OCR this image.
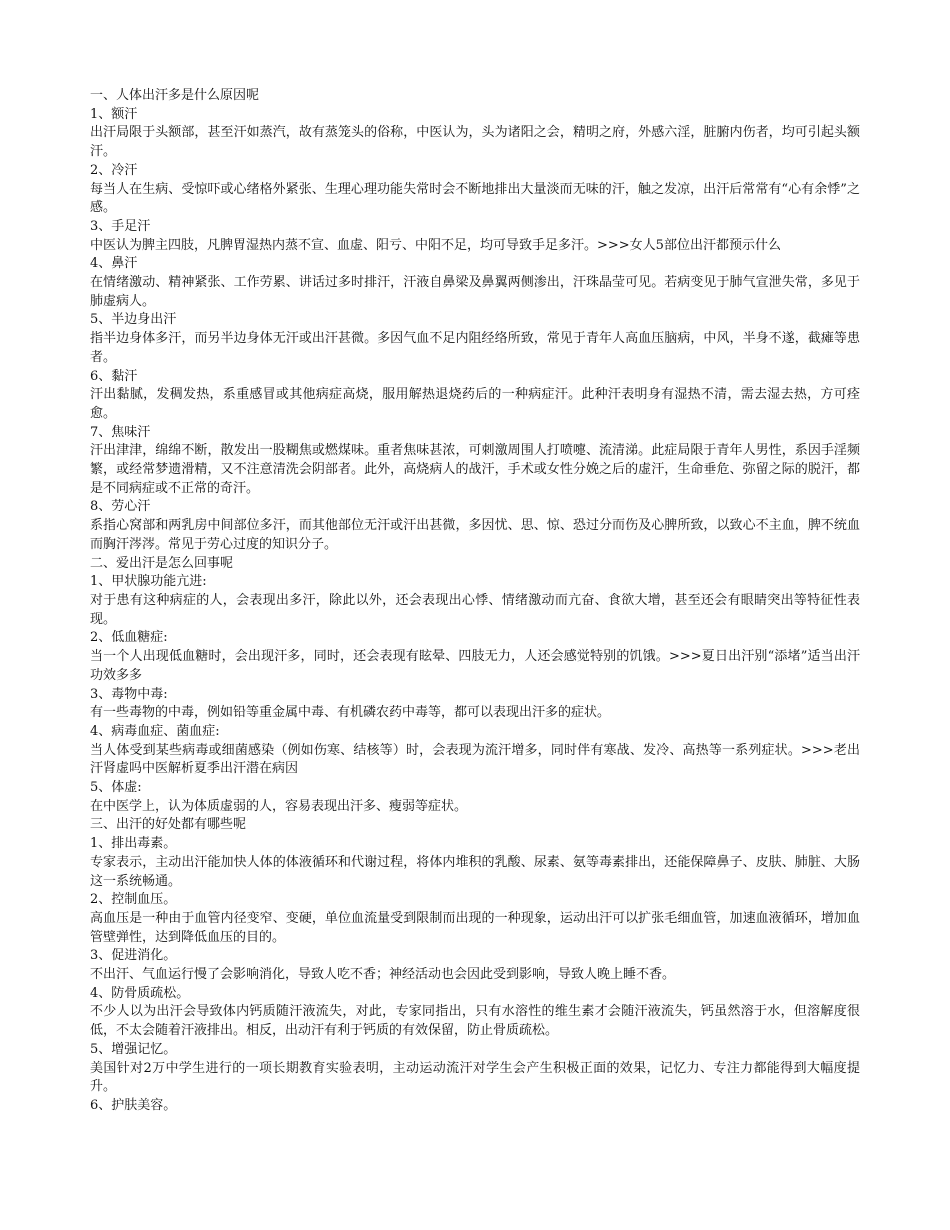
一、人体出汗多是什么原因呢

1、额汗

出汗局限于头额部，甚至汗如蒸汽，故有蒸笼头的俗称，中医认为，头为诸阳之会，精明之府，外感六淫，脏腑内伤者，均可引起头额汗。

2、冷汗

每当人在生病、受惊吓或心绪格外紧张、生理心理功能失常时会不断地排出大量淡而无味的汗，触之发凉，出汗后常常有“心有余悸”之感。

3、手足汗

中医认为脾主四肢，凡脾胃湿热内蒸不宣、血虚、阳亏、中阳不足，均可导致手足多汗。>>>女人5部位出汗都预示什么

4、鼻汗

在情绪激动、精神紧张、工作劳累、讲话过多时排汗，汗液自鼻梁及鼻翼两侧渗出，汗珠晶莹可见。若病变见于肺气宣泄失常，多见于肺虚病人。

5、半边身出汗

指半边身体多汗，而另半边身体无汗或出汗甚微。多因气血不足内阻经络所致，常见于青年人高血压脑病，中风，半身不遂，截瘫等患者。

6、黏汗

汗出黏腻，发稠发热，系重感冒或其他病症高烧，服用解热退烧药后的一种病症汗。此种汗表明身有湿热不清，需去湿去热，方可痊愈。

7、焦味汗

汗出津津，绵绵不断，散发出一股糊焦或燃煤味。重者焦味甚浓，可刺激周围人打喷嚏、流清涕。此症局限于青年人男性，系因手淫频繁，或经常梦遗滑精，又不注意清洗会阴部者。此外，高烧病人的战汗，手术或女性分娩之后的虚汗，生命垂危、弥留之际的脱汗，都是不同病症或不正常的奇汗。

8、劳心汗

系指心窝部和两乳房中间部位多汗，而其他部位无汗或汗出甚微，多因忧、思、惊、恐过分而伤及心脾所致，以致心不主血，脾不统血而胸汗涔涔。常见于劳心过度的知识分子。

二、爱出汗是怎么回事呢

1、甲状腺功能亢进:

对于患有这种病症的人，会表现出多汗，除此以外，还会表现出心悸、情绪激动而亢奋、食欲大增，甚至还会有眼睛突出等特征性表现。

2、低血糖症:

当一个人出现低血糖时，会出现汗多，同时，还会表现有眩晕、四肢无力，人还会感觉特别的饥饿。>>>夏日出汗别“添堵”适当出汗功效多多

3、毒物中毒:

有一些毒物的中毒，例如铅等重金属中毒、有机磷农药中毒等，都可以表现出汗多的症状。

4、病毒血症、菌血症:

当人体受到某些病毒或细菌感染（例如伤寒、结核等）时，会表现为流汗增多，同时伴有寒战、发冷、高热等一系列症状。>>>老出汗肾虚吗中医解析夏季出汗潜在病因

5、体虚:

在中医学上，认为体质虚弱的人，容易表现出汗多、瘦弱等症状。

三、出汗的好处都有哪些呢

1、排出毒素。

专家表示，主动出汗能加快人体的体液循环和代谢过程，将体内堆积的乳酸、尿素、氨等毒素排出，还能保障鼻子、皮肤、肺脏、大肠这一系统畅通。

2、控制血压。

高血压是一种由于血管内径变窄、变硬，单位血流量受到限制而出现的一种现象，运动出汗可以扩张毛细血管，加速血液循环，增加血管壁弹性，达到降低血压的目的。

3、促进消化。

不出汗、气血运行慢了会影响消化，导致人吃不香；神经活动也会因此受到影响，导致人晚上睡不香。

4、防骨质疏松。

不少人以为出汗会导致体内钙质随汗液流失，对此，专家同指出，只有水溶性的维生素才会随汗液流失，钙虽然溶于水，但溶解度很低，不太会随着汗液排出。相反，出动汗有利于钙质的有效保留，防止骨质疏松。

5、增强记忆。

美国针对2万中学生进行的一项长期教育实验表明，主动运动流汗对学生会产生积极正面的效果，记忆力、专注力都能得到大幅度提升。

6、护肤美容。
